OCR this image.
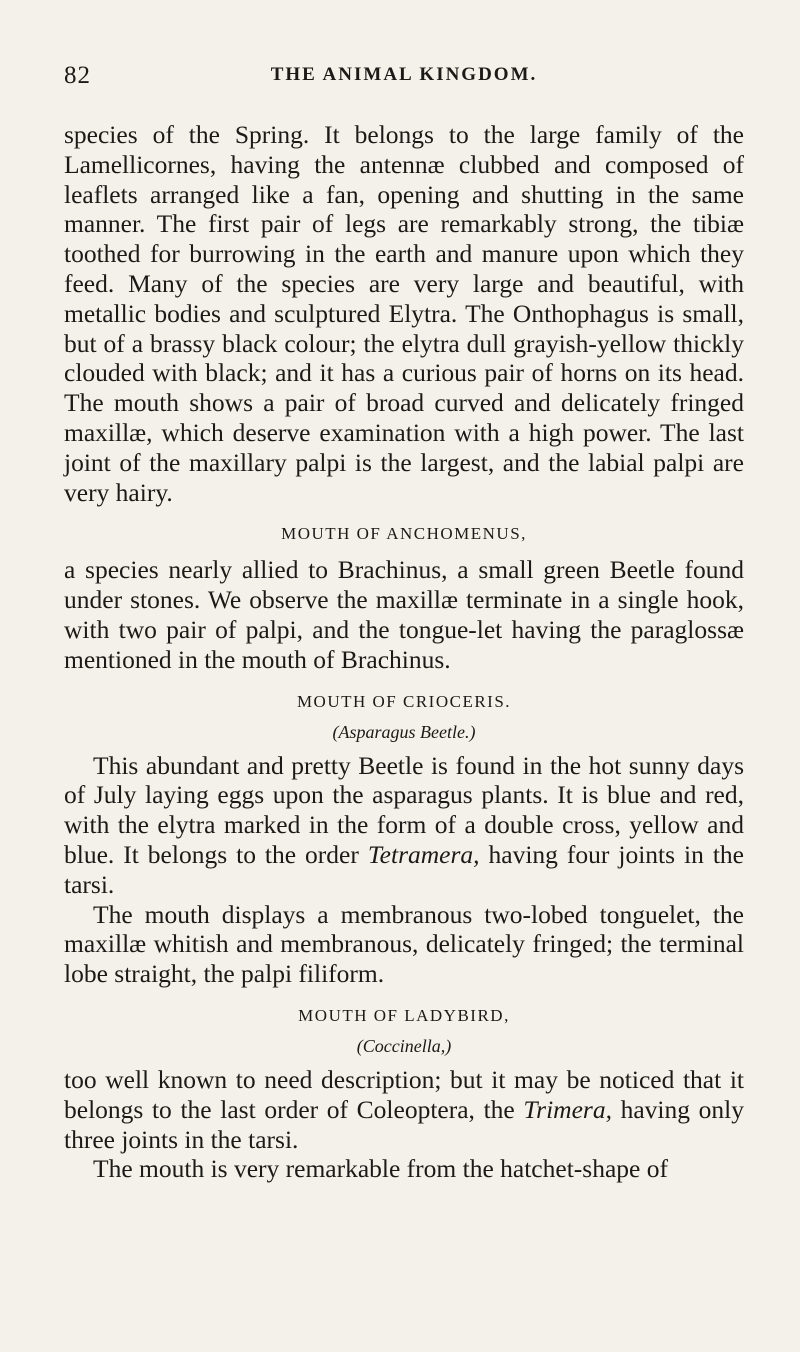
82	THE ANIMAL KINGDOM.

species of the Spring. It belongs to the large family of the Lamellicornes, having the antennæ clubbed and composed of leaflets arranged like a fan, opening and shutting in the same manner. The first pair of legs are remarkably strong, the tibiæ toothed for burrowing in the earth and manure upon which they feed. Many of the species are very large and beautiful, with metallic bodies and sculptured Elytra. The Onthophagus is small, but of a brassy black colour; the elytra dull grayish-yellow thickly clouded with black; and it has a curious pair of horns on its head. The mouth shows a pair of broad curved and delicately fringed maxillæ, which deserve examination with a high power. The last joint of the maxillary palpi is the largest, and the labial palpi are very hairy.

MOUTH OF ANCHOMENUS,

a species nearly allied to Brachinus, a small green Beetle found under stones. We observe the maxillæ terminate in a single hook, with two pair of palpi, and the tongue-let having the paraglossæ mentioned in the mouth of Brachinus.

MOUTH OF CRIOCERIS.
(Asparagus Beetle.)

This abundant and pretty Beetle is found in the hot sunny days of July laying eggs upon the asparagus plants. It is blue and red, with the elytra marked in the form of a double cross, yellow and blue. It belongs to the order Tetramera, having four joints in the tarsi.

The mouth displays a membranous two-lobed tonguelet, the maxillæ whitish and membranous, delicately fringed; the terminal lobe straight, the palpi filiform.

MOUTH OF LADYBIRD,
(Coccinella,)

too well known to need description; but it may be noticed that it belongs to the last order of Coleoptera, the Trimera, having only three joints in the tarsi.

The mouth is very remarkable from the hatchet-shape of
